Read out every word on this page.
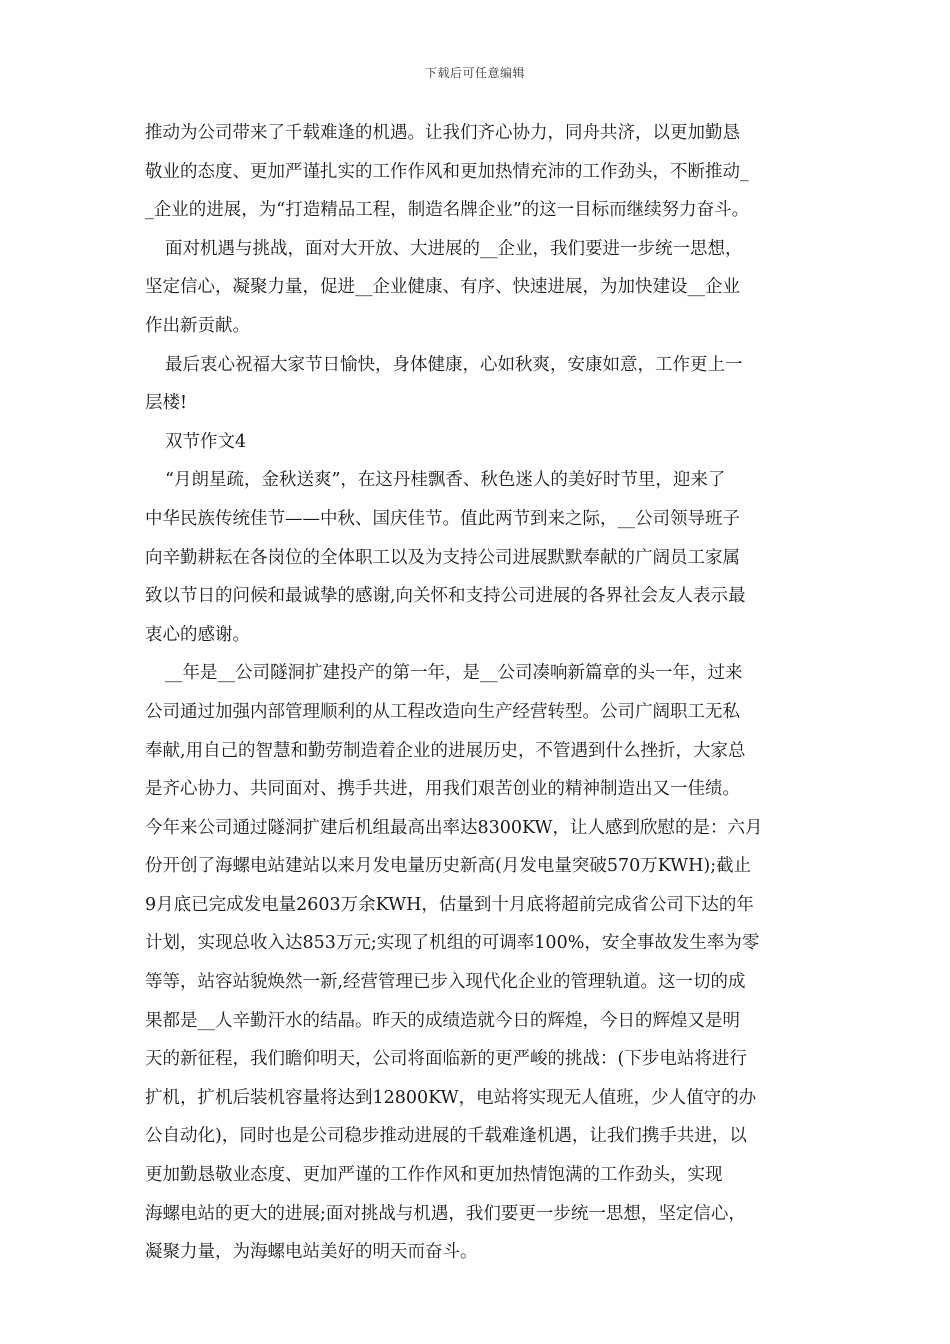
下载后可任意编辑
推动为公司带来了千载难逢的机遇。让我们齐心协力，同舟共济，以更加勤恳
敬业的态度、更加严谨扎实的工作作风和更加热情充沛的工作劲头，不断推动_
_企业的进展，为“打造精品工程，制造名牌企业”的这一目标而继续努力奋斗。
面对机遇与挑战，面对大开放、大进展的__企业，我们要进一步统一思想，
坚定信心，凝聚力量，促进__企业健康、有序、快速进展，为加快建设__企业
作出新贡献。
最后衷心祝福大家节日愉快，身体健康，心如秋爽，安康如意，工作更上一
层楼!
双节作文4
“月朗星疏，金秋送爽”，在这丹桂飘香、秋色迷人的美好时节里，迎来了
中华民族传统佳节——中秋、国庆佳节。值此两节到来之际，__公司领导班子
向辛勤耕耘在各岗位的全体职工以及为支持公司进展默默奉献的广阔员工家属
致以节日的问候和最诚挚的感谢,向关怀和支持公司进展的各界社会友人表示最
衷心的感谢。
__年是__公司隧洞扩建投产的第一年，是__公司凑响新篇章的头一年，过来
公司通过加强内部管理顺利的从工程改造向生产经营转型。公司广阔职工无私
奉献,用自己的智慧和勤劳制造着企业的进展历史，不管遇到什么挫折，大家总
是齐心协力、共同面对、携手共进，用我们艰苦创业的精神制造出又一佳绩。
今年来公司通过隧洞扩建后机组最高出率达8300KW，让人感到欣慰的是：六月
份开创了海螺电站建站以来月发电量历史新高(月发电量突破570万KWH);截止
9月底已完成发电量2603万余KWH，估量到十月底将超前完成省公司下达的年
计划，实现总收入达853万元;实现了机组的可调率100%，安全事故发生率为零
等等，站容站貌焕然一新,经营管理已步入现代化企业的管理轨道。这一切的成
果都是__人辛勤汗水的结晶。昨天的成绩造就今日的辉煌，今日的辉煌又是明
天的新征程，我们瞻仰明天，公司将面临新的更严峻的挑战：(下步电站将进行
扩机，扩机后装机容量将达到12800KW，电站将实现无人值班，少人值守的办
公自动化)，同时也是公司稳步推动进展的千载难逢机遇，让我们携手共进，以
更加勤恳敬业态度、更加严谨的工作作风和更加热情饱满的工作劲头，实现
海螺电站的更大的进展;面对挑战与机遇，我们要更一步统一思想，坚定信心，
凝聚力量，为海螺电站美好的明天而奋斗。
